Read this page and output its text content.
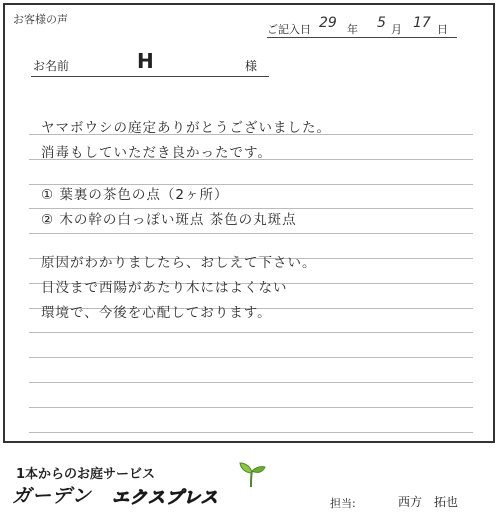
お客様の声
ご記入日 29 年 5 月 17 日
お名前	H	様
ヤマボウシの庭定ありがとうございました。
消毒もしていただき良かったです。
① 葉裏の茶色の点（2ヶ所）
② 木の幹の白っぽい斑点 茶色の丸斑点
原因がわかりましたら、おしえて下さい。
日没まで西陽があたり木にはよくない
環境で、今後を心配しております。
1本からのお庭サービス
ガーデン エクスプレス	担当:	西方　拓也
